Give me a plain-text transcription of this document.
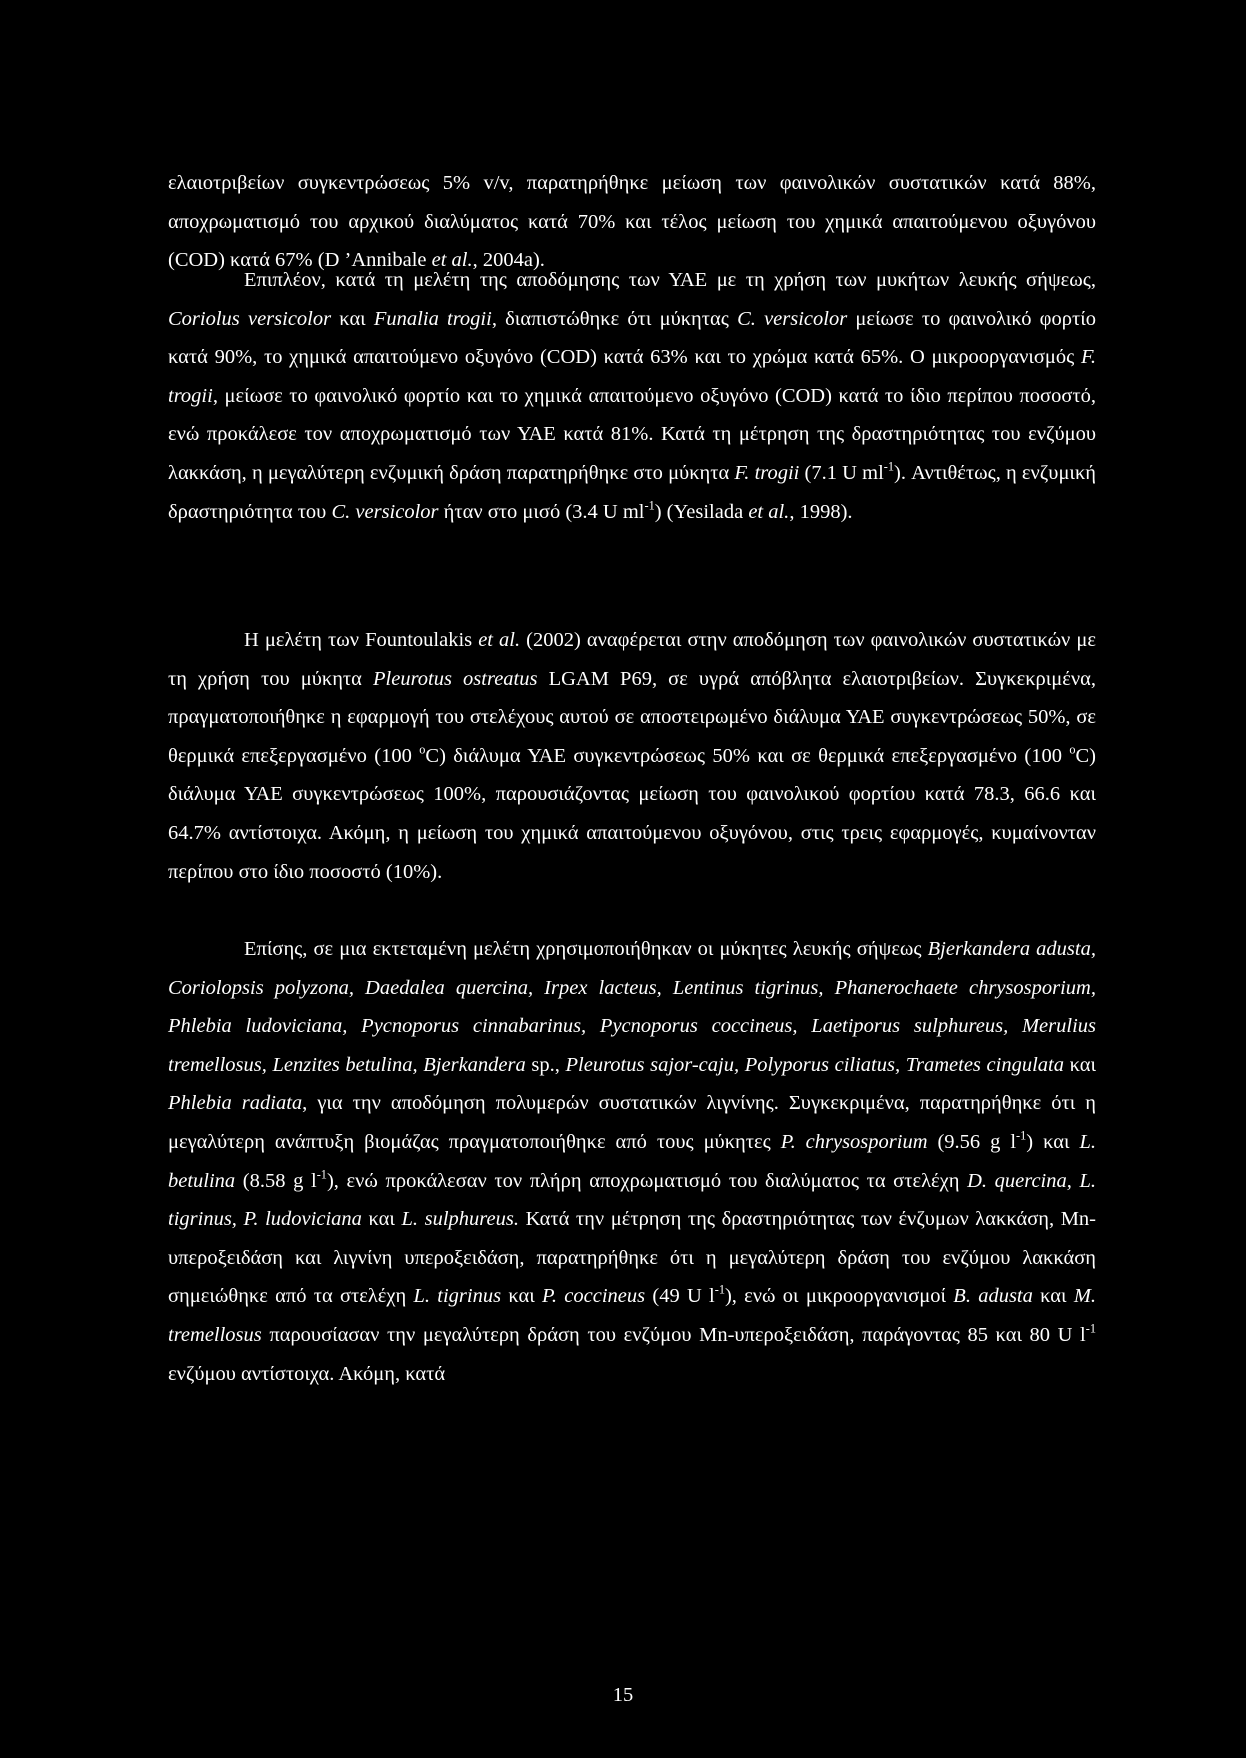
ελαιοτριβείων συγκεντρώσεως 5% v/v, παρατηρήθηκε μείωση των φαινολικών συστατικών κατά 88%, αποχρωματισμό του αρχικού διαλύματος κατά 70% και τέλος μείωση του χημικά απαιτούμενου οξυγόνου (COD) κατά 67% (D ’Annibale et al., 2004a).

Επιπλέον, κατά τη μελέτη της αποδόμησης των ΥΑΕ με τη χρήση των μυκήτων λευκής σήψεως, Coriolus versicolor και Funalia trogii, διαπιστώθηκε ότι μύκητας C. versicolor μείωσε το φαινολικό φορτίο κατά 90%, το χημικά απαιτούμενο οξυγόνο (COD) κατά 63% και το χρώμα κατά 65%. Ο μικροοργανισμός F. trogii, μείωσε το φαινολικό φορτίο και το χημικά απαιτούμενο οξυγόνο (COD) κατά το ίδιο περίπου ποσοστό, ενώ προκάλεσε τον αποχρωματισμό των ΥΑΕ κατά 81%. Κατά τη μέτρηση της δραστηριότητας του ενζύμου λακκάση, η μεγαλύτερη ενζυμική δράση παρατηρήθηκε στο μύκητα F. trogii (7.1 U $ml^{-1}$). Αντιθέτως, η ενζυμική δραστηριότητα του C. versicolor ήταν στο μισό (3.4 U $ml^{-1}$) (Yesilada et al., 1998).

Η μελέτη των Fountoulakis et al. (2002) αναφέρεται στην αποδόμηση των φαινολικών συστατικών με τη χρήση του μύκητα Pleurotus ostreatus LGAM P69, σε υγρά απόβλητα ελαιοτριβείων. Συγκεκριμένα, πραγματοποιήθηκε η εφαρμογή του στελέχους αυτού σε αποστειρωμένο διάλυμα ΥΑΕ συγκεντρώσεως 50%, σε θερμικά επεξεργασμένο (100 $^o$C) διάλυμα ΥΑΕ συγκεντρώσεως 50% και σε θερμικά επεξεργασμένο (100 $^o$C) διάλυμα ΥΑΕ συγκεντρώσεως 100%, παρουσιάζοντας μείωση του φαινολικού φορτίου κατά 78.3, 66.6 και 64.7% αντίστοιχα. Ακόμη, η μείωση του χημικά απαιτούμενου οξυγόνου, στις τρεις εφαρμογές, κυμαίνονταν περίπου στο ίδιο ποσοστό (10%).

Επίσης, σε μια εκτεταμένη μελέτη χρησιμοποιήθηκαν οι μύκητες λευκής σήψεως Bjerkandera adusta, Coriolopsis polyzona, Daedalea quercina, Irpex lacteus, Lentinus tigrinus, Phanerochaete chrysosporium, Phlebia ludoviciana, Pycnoporus cinnabarinus, Pycnoporus coccineus, Laetiporus sulphureus, Merulius tremellosus, Lenzites betulina, Bjerkandera sp., Pleurotus sajor-caju, Polyporus ciliatus, Trametes cingulata και Phlebia radiata, για την αποδόμηση πολυμερών συστατικών λιγνίνης. Συγκεκριμένα, παρατηρήθηκε ότι η μεγαλύτερη ανάπτυξη βιομάζας πραγματοποιήθηκε από τους μύκητες P. chrysosporium (9.56 g $l^{-1}$) και L. betulina (8.58 g $l^{-1}$), ενώ προκάλεσαν τον πλήρη αποχρωματισμό του διαλύματος τα στελέχη D. quercina, L. tigrinus, P. ludoviciana και L. sulphureus. Κατά την μέτρηση της δραστηριότητας των ένζυμων λακκάση, Mn-υπεροξειδάση και λιγνίνη υπεροξειδάση, παρατηρήθηκε ότι η μεγαλύτερη δράση του ενζύμου λακκάση σημειώθηκε από τα στελέχη L. tigrinus και P. coccineus (49 U $l^{-1}$), ενώ οι μικροοργανισμοί B. adusta και M. tremellosus παρουσίασαν την μεγαλύτερη δράση του ενζύμου Mn-υπεροξειδάση, παράγοντας 85 και 80 U $l^{-1}$ ενζύμου αντίστοιχα. Ακόμη, κατά

15
